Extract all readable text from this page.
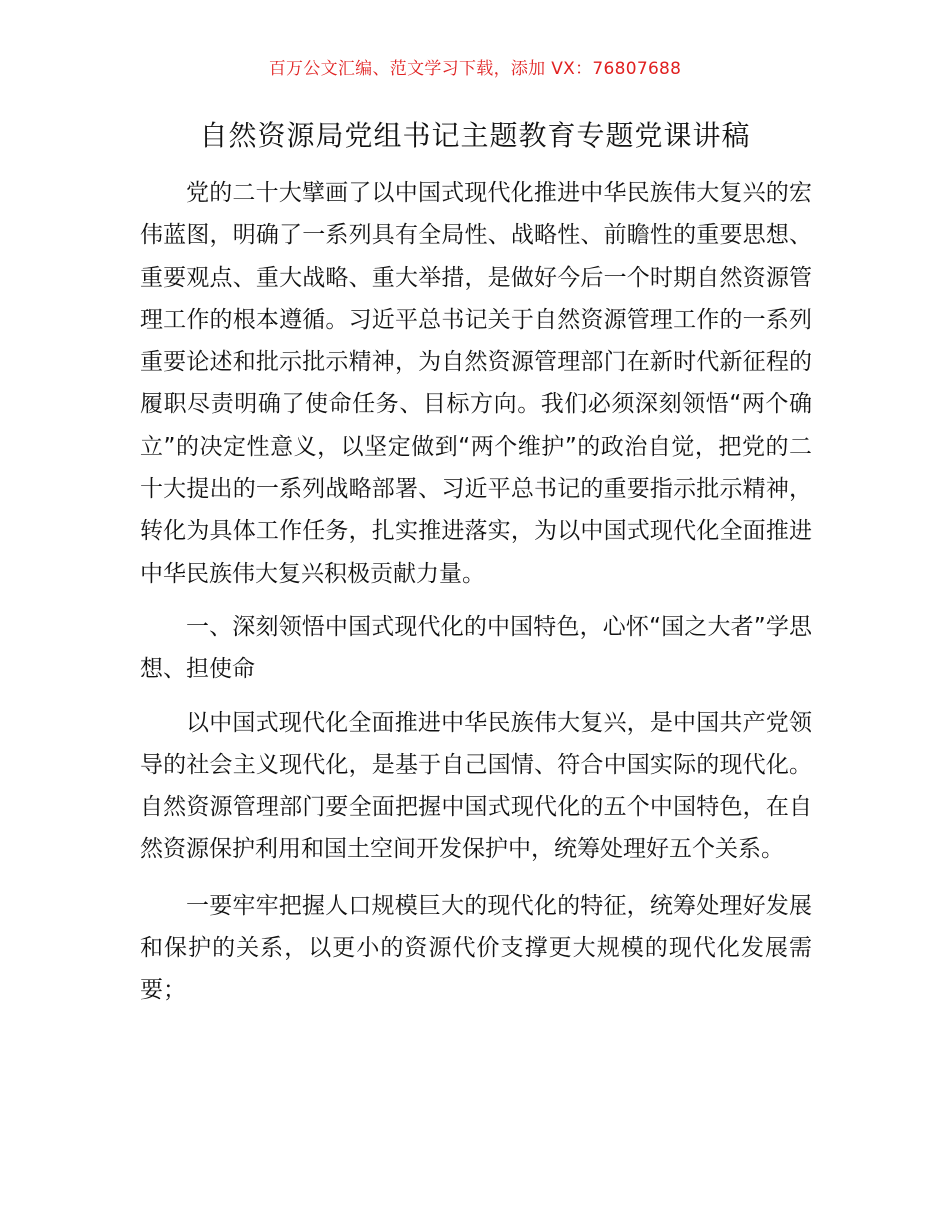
百万公文汇编、范文学习下载，添加 VX：76807688
自然资源局党组书记主题教育专题党课讲稿

党的二十大擘画了以中国式现代化推进中华民族伟大复兴的宏伟蓝图，明确了一系列具有全局性、战略性、前瞻性的重要思想、重要观点、重大战略、重大举措，是做好今后一个时期自然资源管理工作的根本遵循。习近平总书记关于自然资源管理工作的一系列重要论述和批示批示精神，为自然资源管理部门在新时代新征程的履职尽责明确了使命任务、目标方向。我们必须深刻领悟“两个确立”的决定性意义，以坚定做到“两个维护”的政治自觉，把党的二十大提出的一系列战略部署、习近平总书记的重要指示批示精神，转化为具体工作任务，扎实推进落实，为以中国式现代化全面推进中华民族伟大复兴积极贡献力量。

一、深刻领悟中国式现代化的中国特色，心怀“国之大者”学思想、担使命

以中国式现代化全面推进中华民族伟大复兴，是中国共产党领导的社会主义现代化，是基于自己国情、符合中国实际的现代化。自然资源管理部门要全面把握中国式现代化的五个中国特色，在自然资源保护利用和国土空间开发保护中，统筹处理好五个关系。

一要牢牢把握人口规模巨大的现代化的特征，统筹处理好发展和保护的关系，以更小的资源代价支撑更大规模的现代化发展需要；
